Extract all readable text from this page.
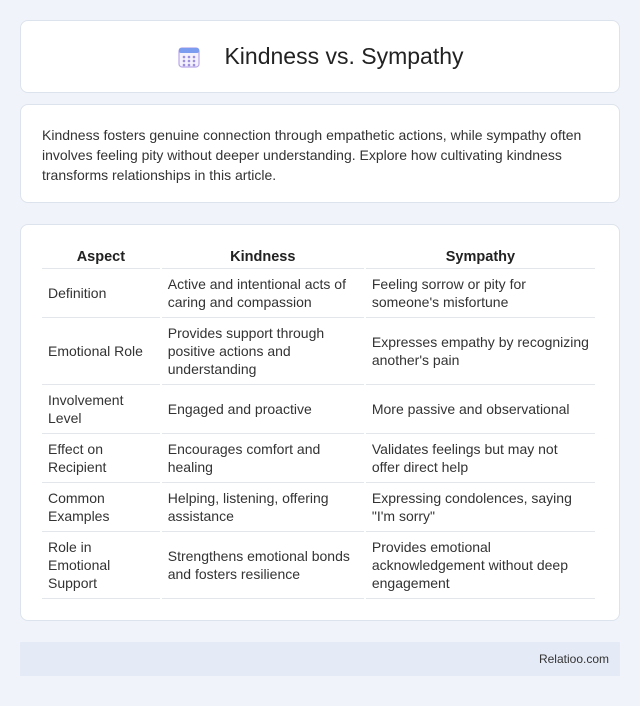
Kindness vs. Sympathy

Kindness fosters genuine connection through empathetic actions, while sympathy often involves feeling pity without deeper understanding. Explore how cultivating kindness transforms relationships in this article.

Aspect	Kindness	Sympathy
Definition	Active and intentional acts of caring and compassion	Feeling sorrow or pity for someone's misfortune
Emotional Role	Provides support through positive actions and understanding	Expresses empathy by recognizing another's pain
Involvement Level	Engaged and proactive	More passive and observational
Effect on Recipient	Encourages comfort and healing	Validates feelings but may not offer direct help
Common Examples	Helping, listening, offering assistance	Expressing condolences, saying "I'm sorry"
Role in Emotional Support	Strengthens emotional bonds and fosters resilience	Provides emotional acknowledgement without deep engagement
Relatioo.com
